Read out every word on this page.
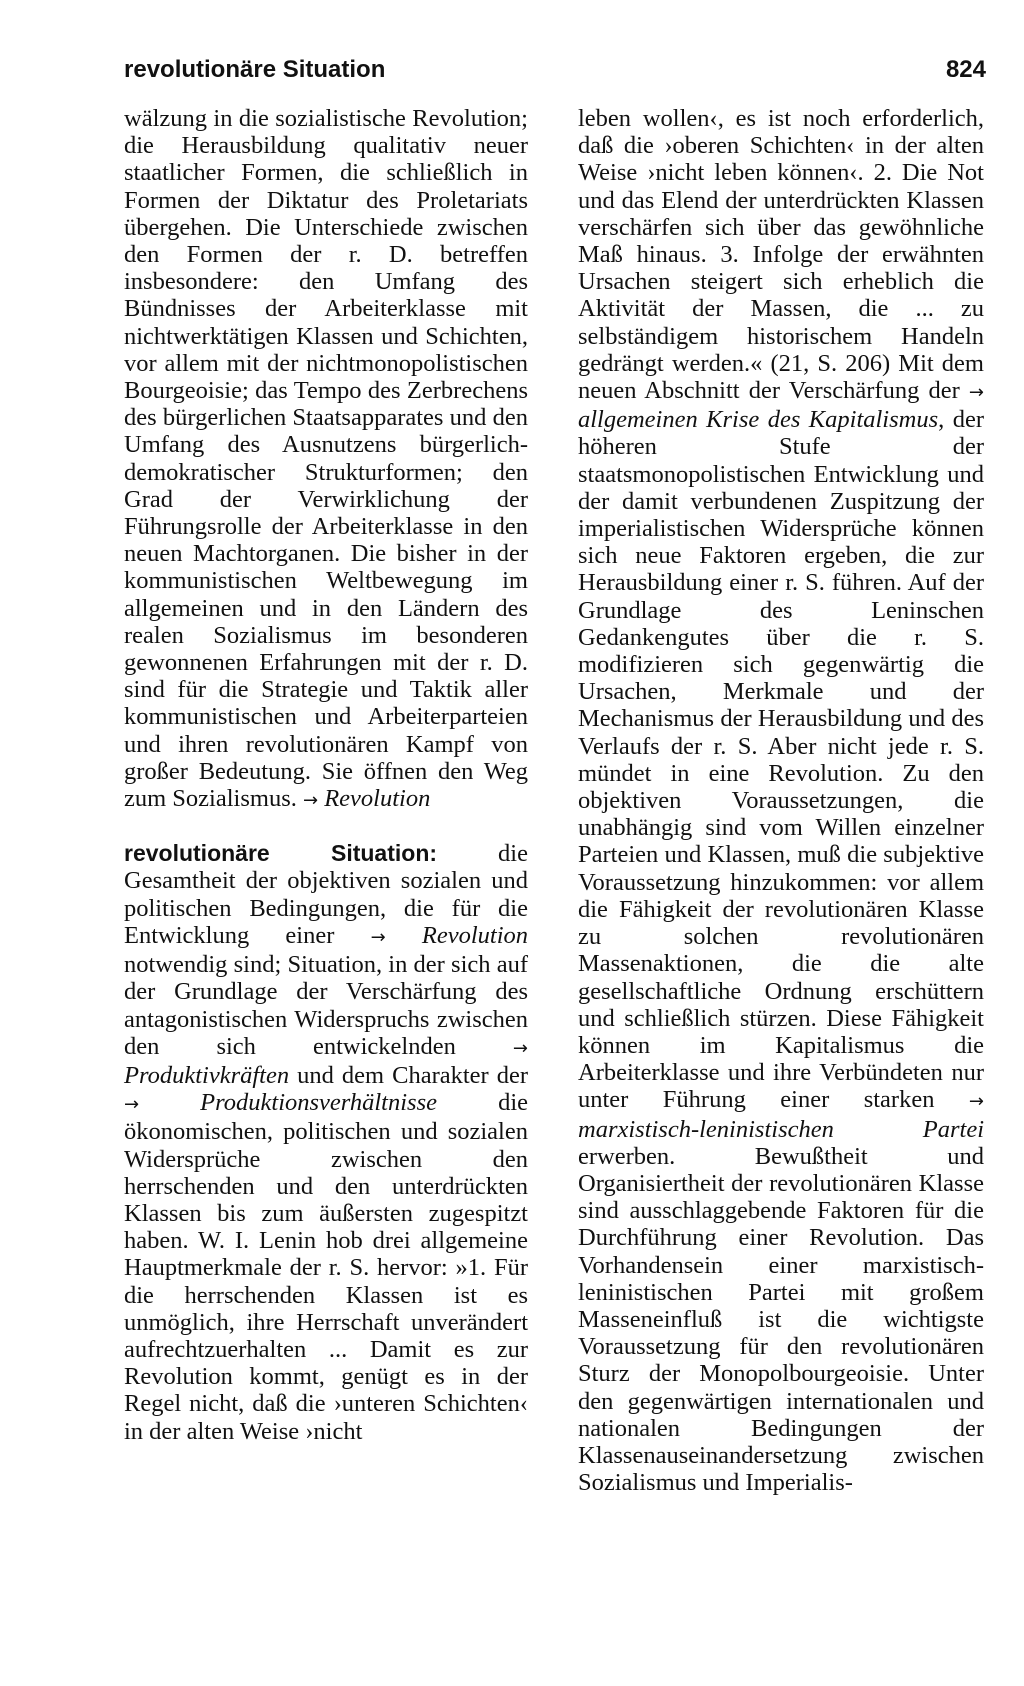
revolutionäre Situation	824

wälzung in die sozialistische Revolution; die Herausbildung qualitativ neuer staatlicher Formen, die schließlich in Formen der Diktatur des Proletariats übergehen. Die Unterschiede zwischen den Formen der r. D. betreffen insbesondere: den Umfang des Bündnisses der Arbeiterklasse mit nichtwerktätigen Klassen und Schichten, vor allem mit der nichtmonopolistischen Bourgeoisie; das Tempo des Zerbrechens des bürgerlichen Staatsapparates und den Umfang des Ausnutzens bürgerlich-demokratischer Strukturformen; den Grad der Verwirklichung der Führungsrolle der Arbeiterklasse in den neuen Machtorganen. Die bisher in der kommunistischen Weltbewegung im allgemeinen und in den Ländern des realen Sozialismus im besonderen gewonnenen Erfahrungen mit der r. D. sind für die Strategie und Taktik aller kommunistischen und Arbeiterparteien und ihren revolutionären Kampf von großer Bedeutung. Sie öffnen den Weg zum Sozialismus. → Revolution

revolutionäre Situation: die Gesamtheit der objektiven sozialen und politischen Bedingungen, die für die Entwicklung einer → Revolution notwendig sind; Situation, in der sich auf der Grundlage der Verschärfung des antagonistischen Widerspruchs zwischen den sich entwickelnden → Produktivkräften und dem Charakter der → Produktionsverhältnisse die ökonomischen, politischen und sozialen Widersprüche zwischen den herrschenden und den unterdrückten Klassen bis zum äußersten zugespitzt haben. W. I. Lenin hob drei allgemeine Hauptmerkmale der r. S. hervor: »1. Für die herrschenden Klassen ist es unmöglich, ihre Herrschaft unverändert aufrechtzuerhalten ... Damit es zur Revolution kommt, genügt es in der Regel nicht, daß die ›unteren Schichten‹ in der alten Weise ›nicht

leben wollen‹, es ist noch erforderlich, daß die ›oberen Schichten‹ in der alten Weise ›nicht leben können‹. 2. Die Not und das Elend der unterdrückten Klassen verschärfen sich über das gewöhnliche Maß hinaus. 3. Infolge der erwähnten Ursachen steigert sich erheblich die Aktivität der Massen, die ... zu selbständigem historischem Handeln gedrängt werden.« (21, S. 206) Mit dem neuen Abschnitt der Verschärfung der → allgemeinen Krise des Kapitalismus, der höheren Stufe der staatsmonopolistischen Entwicklung und der damit verbundenen Zuspitzung der imperialistischen Widersprüche können sich neue Faktoren ergeben, die zur Herausbildung einer r. S. führen. Auf der Grundlage des Leninschen Gedankengutes über die r. S. modifizieren sich gegenwärtig die Ursachen, Merkmale und der Mechanismus der Herausbildung und des Verlaufs der r. S. Aber nicht jede r. S. mündet in eine Revolution. Zu den objektiven Voraussetzungen, die unabhängig sind vom Willen einzelner Parteien und Klassen, muß die subjektive Voraussetzung hinzukommen: vor allem die Fähigkeit der revolutionären Klasse zu solchen revolutionären Massenaktionen, die die alte gesellschaftliche Ordnung erschüttern und schließlich stürzen. Diese Fähigkeit können im Kapitalismus die Arbeiterklasse und ihre Verbündeten nur unter Führung einer starken → marxistisch-leninistischen Partei erwerben. Bewußtheit und Organisiertheit der revolutionären Klasse sind ausschlaggebende Faktoren für die Durchführung einer Revolution. Das Vorhandensein einer marxistisch-leninistischen Partei mit großem Masseneinfluß ist die wichtigste Voraussetzung für den revolutionären Sturz der Monopolbourgeoisie. Unter den gegenwärtigen internationalen und nationalen Bedingungen der Klassenauseinandersetzung zwischen Sozialismus und Imperialis-
